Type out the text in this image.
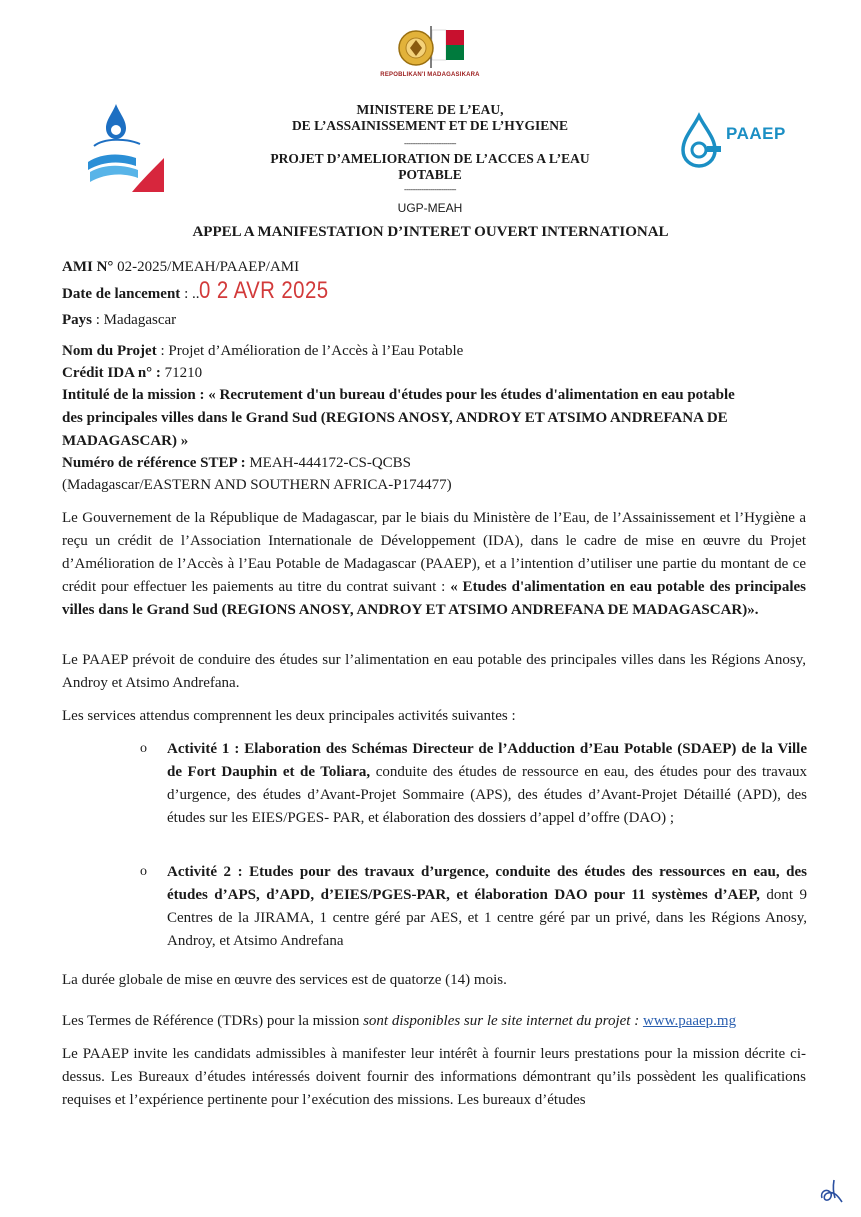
REPOBLIKAN'I MADAGASIKARA
PAAEP
MINISTERE DE L’EAU,
DE L’ASSAINISSEMENT ET DE L’HYGIENE
------------------------
PROJET D’AMELIORATION DE L’ACCES A L’EAU
POTABLE
------------------------
UGP-MEAH
APPEL A MANIFESTATION D’INTERET OUVERT INTERNATIONAL
AMI N° 02-2025/MEAH/PAAEP/AMI
Date de lancement : ..0 2 AVR 2025
Pays : Madagascar
Nom du Projet : Projet d’Amélioration de l’Accès à l’Eau Potable
Crédit IDA n° : 71210
Intitulé de la mission : « Recrutement d'un bureau d'études pour les études d'alimentation en eau potable
des principales villes dans le Grand Sud (REGIONS ANOSY, ANDROY ET ATSIMO ANDREFANA DE
MADAGASCAR) »
Numéro de référence STEP : MEAH-444172-CS-QCBS
(Madagascar/EASTERN AND SOUTHERN AFRICA-P174477)

Le Gouvernement de la République de Madagascar, par le biais du Ministère de l’Eau, de l’Assainissement et l’Hygiène a reçu un crédit de l’Association Internationale de Développement (IDA), dans le cadre de mise en œuvre du Projet d’Amélioration de l’Accès à l’Eau Potable de Madagascar (PAAEP), et a l’intention d’utiliser une partie du montant de ce crédit pour effectuer les paiements au titre du contrat suivant : « Etudes d'alimentation en eau potable des principales villes dans le Grand Sud (REGIONS ANOSY, ANDROY ET ATSIMO ANDREFANA DE MADAGASCAR)».

Le PAAEP prévoit de conduire des études sur l’alimentation en eau potable des principales villes dans les Régions Anosy, Androy et Atsimo Andrefana.

Les services attendus comprennent les deux principales activités suivantes :

o Activité 1 : Elaboration des Schémas Directeur de l’Adduction d’Eau Potable (SDAEP) de la Ville de Fort Dauphin et de Toliara, conduite des études de ressource en eau, des études pour des travaux d’urgence, des études d’Avant-Projet Sommaire (APS), des études d’Avant-Projet Détaillé (APD), des études sur les EIES/PGES- PAR, et élaboration des dossiers d’appel d’offre (DAO) ;

o Activité 2 : Etudes pour des travaux d’urgence, conduite des études des ressources en eau, des études d’APS, d’APD, d’EIES/PGES-PAR, et élaboration DAO pour 11 systèmes d’AEP, dont 9 Centres de la JIRAMA, 1 centre géré par AES, et 1 centre géré par un privé, dans les Régions Anosy, Androy, et Atsimo Andrefana

La durée globale de mise en œuvre des services est de quatorze (14) mois.

Les Termes de Référence (TDRs) pour la mission sont disponibles sur le site internet du projet : www.paaep.mg

Le PAAEP invite les candidats admissibles à manifester leur intérêt à fournir leurs prestations pour la mission décrite ci-dessus. Les Bureaux d’études intéressés doivent fournir des informations démontrant qu’ils possèdent les qualifications requises et l’expérience pertinente pour l’exécution des missions. Les bureaux d’études
